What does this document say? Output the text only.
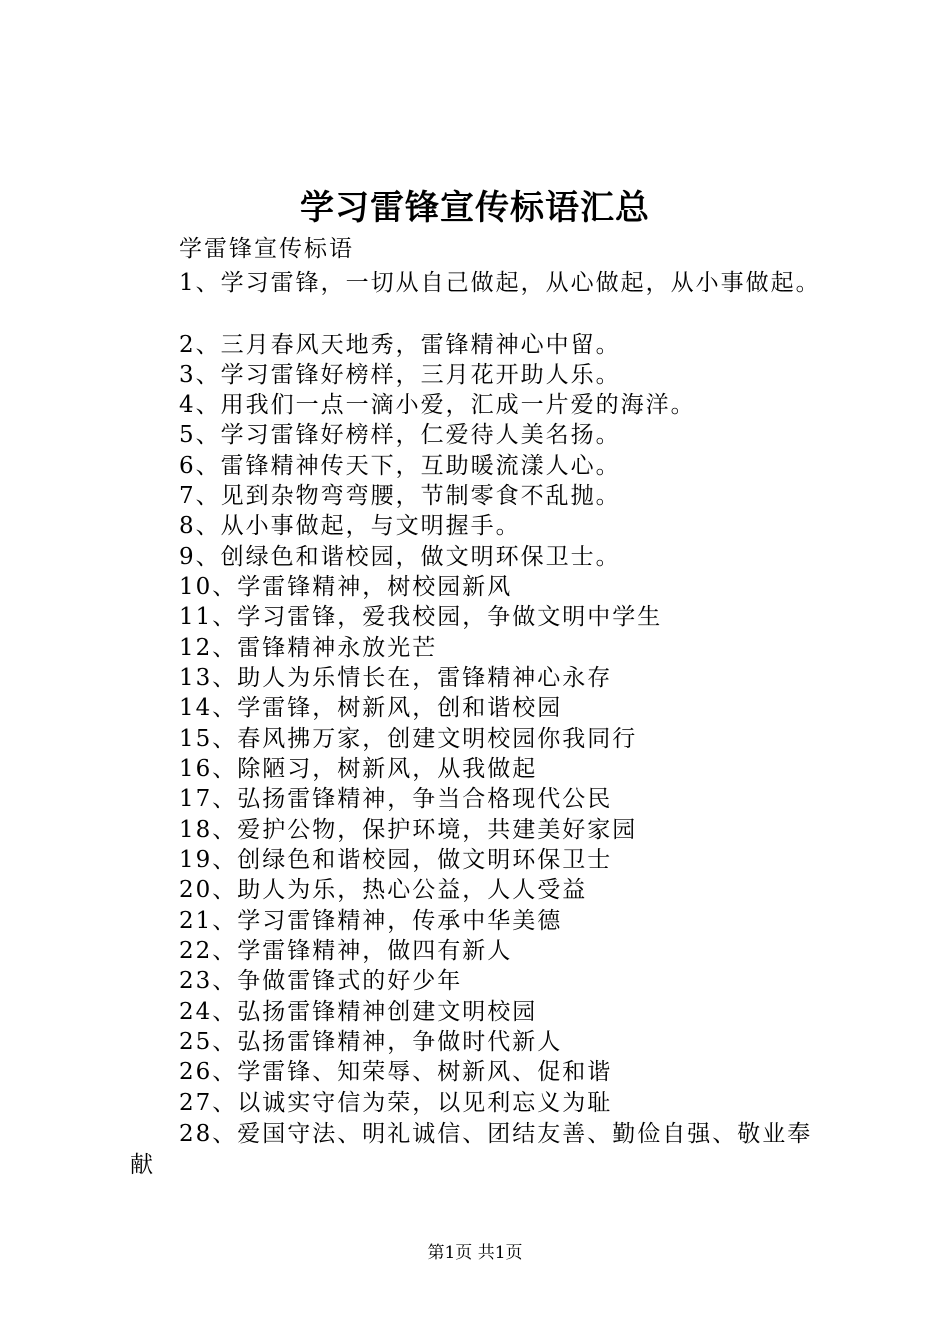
学习雷锋宣传标语汇总
学雷锋宣传标语
1、学习雷锋，一切从自己做起，从心做起，从小事做起。
2、三月春风天地秀，雷锋精神心中留。
3、学习雷锋好榜样，三月花开助人乐。
4、用我们一点一滴小爱，汇成一片爱的海洋。
5、学习雷锋好榜样，仁爱待人美名扬。
6、雷锋精神传天下，互助暖流漾人心。
7、见到杂物弯弯腰，节制零食不乱抛。
8、从小事做起，与文明握手。
9、创绿色和谐校园，做文明环保卫士。
10、学雷锋精神，树校园新风
11、学习雷锋，爱我校园，争做文明中学生
12、雷锋精神永放光芒
13、助人为乐情长在，雷锋精神心永存
14、学雷锋，树新风，创和谐校园
15、春风拂万家，创建文明校园你我同行
16、除陋习，树新风，从我做起
17、弘扬雷锋精神，争当合格现代公民
18、爱护公物，保护环境，共建美好家园
19、创绿色和谐校园，做文明环保卫士
20、助人为乐，热心公益，人人受益
21、学习雷锋精神，传承中华美德
22、学雷锋精神，做四有新人
23、争做雷锋式的好少年
24、弘扬雷锋精神创建文明校园
25、弘扬雷锋精神，争做时代新人
26、学雷锋、知荣辱、树新风、促和谐
27、以诚实守信为荣，以见利忘义为耻
28、爱国守法、明礼诚信、团结友善、勤俭自强、敬业奉
献
第1页 共1页
